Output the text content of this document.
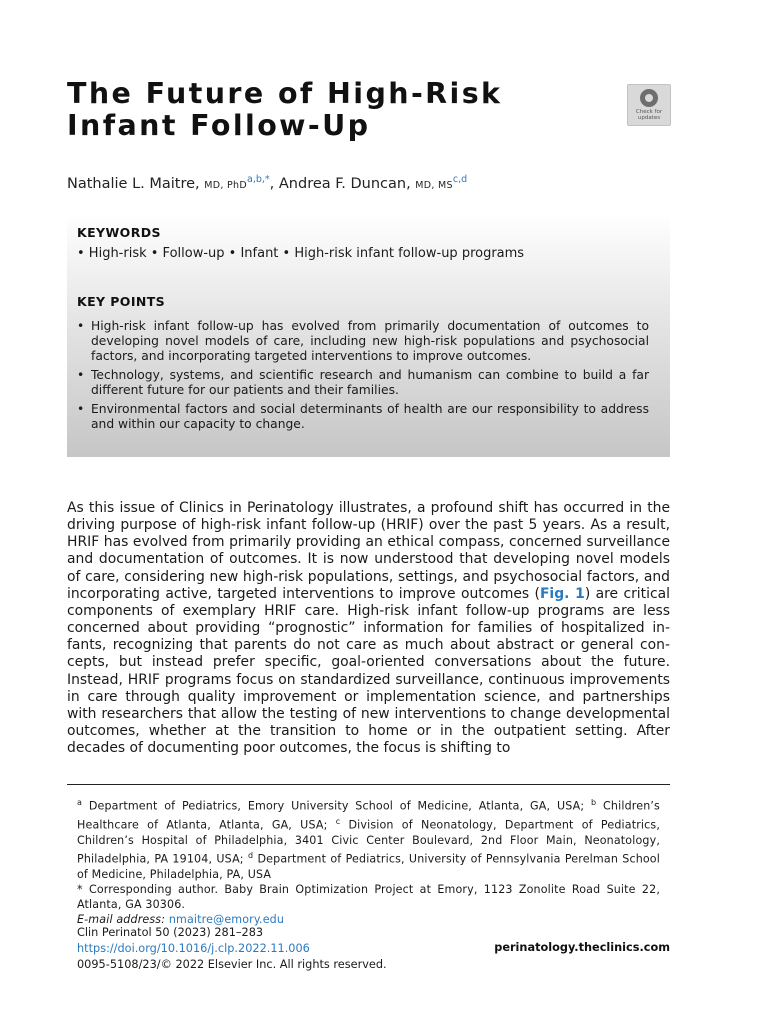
The Future of High-Risk
Infant Follow-Up	Check for updates
Nathalie L. Maitre, MD, PhD$^{a,b,*}$, Andrea F. Duncan, MD, MS$^{c,d}$
KEYWORDS
• High-risk • Follow-up • Infant • High-risk infant follow-up programs
KEY POINTS
• High-risk infant follow-up has evolved from primarily documentation of outcomes to developing novel models of care, including new high-risk populations and psychosocial factors, and incorporating targeted interventions to improve outcomes.
• Technology, systems, and scientific research and humanism can combine to build a far different future for our patients and their families.
• Environmental factors and social determinants of health are our responsibility to address and within our capacity to change.

As this issue of Clinics in Perinatology illustrates, a profound shift has occurred in the driving purpose of high-risk infant follow-up (HRIF) over the past 5 years. As a result, HRIF has evolved from primarily providing an ethical compass, concerned surveillance and documentation of outcomes. It is now understood that developing novel models of care, considering new high-risk populations, settings, and psychosocial factors, and incorporating active, targeted interventions to improve outcomes (Fig. 1) are critical components of exemplary HRIF care. High-risk infant follow-up programs are less concerned about providing “prognostic” information for families of hospitalized infants, recognizing that parents do not care as much about abstract or general concepts, but instead prefer specific, goal-oriented conversations about the future. Instead, HRIF programs focus on standardized surveillance, continuous improvements in care through quality improvement or implementation science, and partnerships with researchers that allow the testing of new interventions to change developmental outcomes, whether at the transition to home or in the outpatient setting. After decades of documenting poor outcomes, the focus is shifting to

$^a$ Department of Pediatrics, Emory University School of Medicine, Atlanta, GA, USA; $^b$ Children’s Healthcare of Atlanta, Atlanta, GA, USA; $^c$ Division of Neonatology, Department of Pediatrics, Children’s Hospital of Philadelphia, 3401 Civic Center Boulevard, 2nd Floor Main, Neonatology, Philadelphia, PA 19104, USA; $^d$ Department of Pediatrics, University of Pennsylvania Perelman School of Medicine, Philadelphia, PA, USA
* Corresponding author. Baby Brain Optimization Project at Emory, 1123 Zonolite Road Suite 22, Atlanta, GA 30306.
E-mail address: nmaitre@emory.edu
Clin Perinatol 50 (2023) 281–283
https://doi.org/10.1016/j.clp.2022.11.006
0095-5108/23/© 2022 Elsevier Inc. All rights reserved.
perinatology.theclinics.com
